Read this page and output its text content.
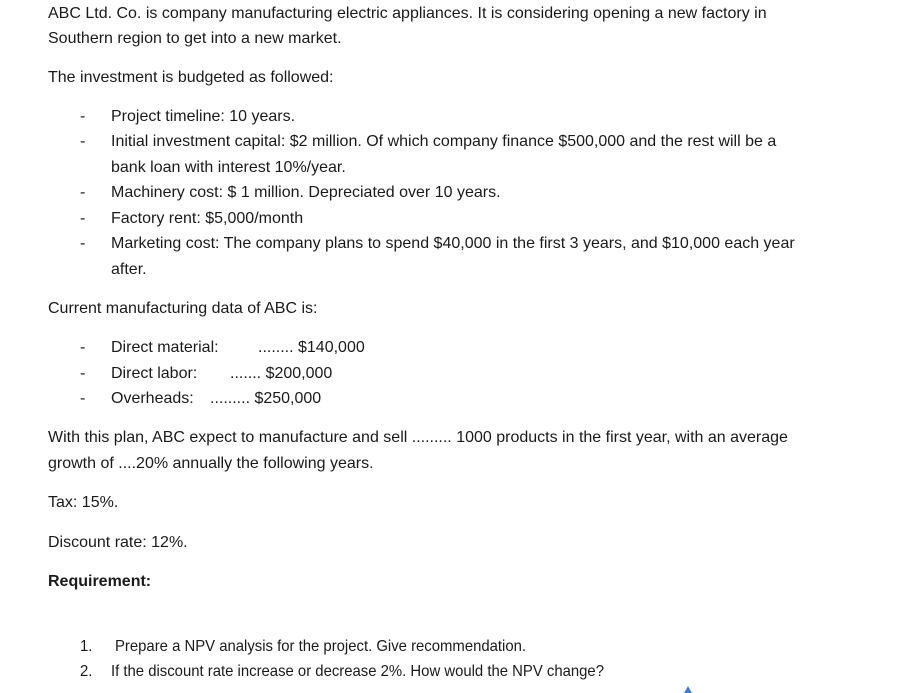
ABC Ltd. Co. is company manufacturing electric appliances. It is considering opening a new factory in
Southern region to get into a new market.
The investment is budgeted as followed:
- Project timeline: 10 years.
- Initial investment capital: $2 million. Of which company finance $500,000 and the rest will be a
bank loan with interest 10%/year.
- Machinery cost: $ 1 million. Depreciated over 10 years.
- Factory rent: $5,000/month
- Marketing cost: The company plans to spend $40,000 in the first 3 years, and $10,000 each year
after.
Current manufacturing data of ABC is:
- Direct material: ........ $140,000
- Direct labor: ....... $200,000
- Overheads: ......... $250,000
With this plan, ABC expect to manufacture and sell ......... 1000 products in the first year, with an average
growth of ....20% annually the following years.
Tax: 15%.
Discount rate: 12%.
Requirement:
1. Prepare a NPV analysis for the project. Give recommendation.
2. If the discount rate increase or decrease 2%. How would the NPV change?
